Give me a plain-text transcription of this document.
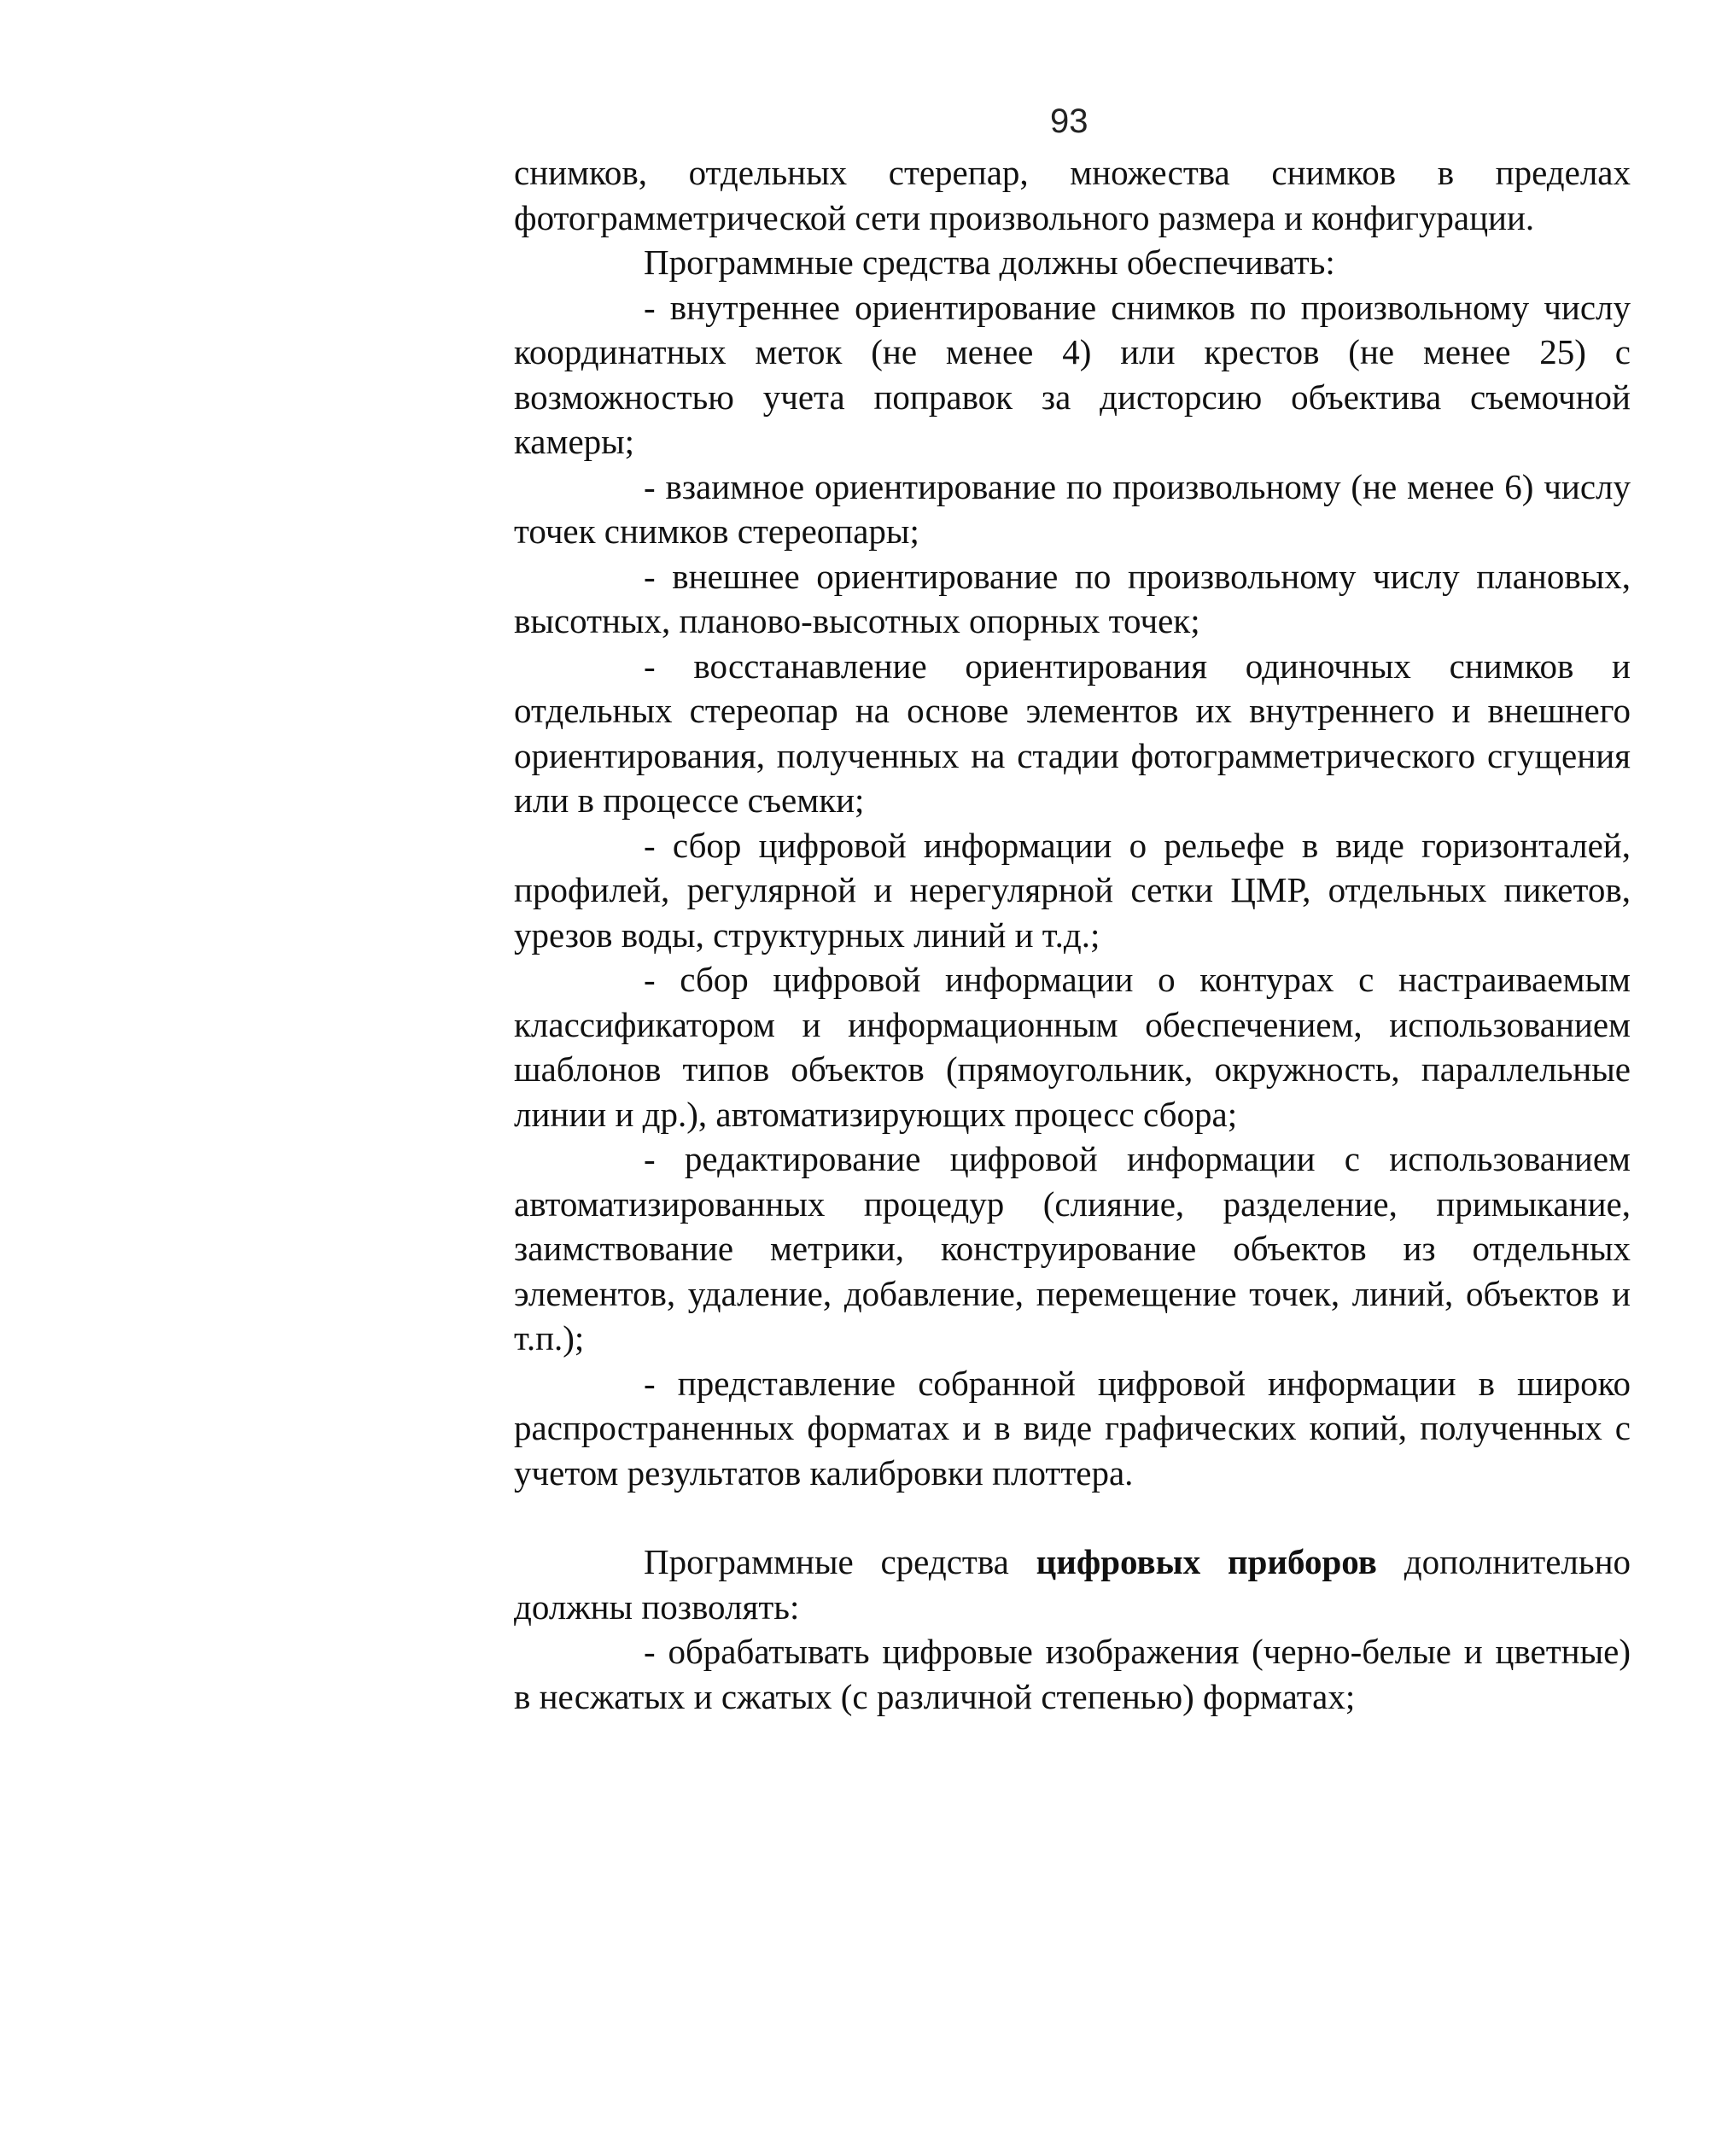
93

снимков, отдельных стерепар, множества снимков в пределах фотограмметрической сети произвольного размера и конфигурации.

Программные средства должны обеспечивать:

- внутреннее ориентирование снимков по произвольному числу координатных меток (не менее 4) или крестов (не менее 25) с возможностью учета поправок за дисторсию объектива съемочной камеры;

- взаимное ориентирование по произвольному (не менее 6) числу точек снимков стереопары;

- внешнее ориентирование по произвольному числу плановых, высотных, планово-высотных опорных точек;

- восстанавление ориентирования одиночных снимков и отдельных стереопар на основе элементов их внутреннего и внешнего ориентирования, полученных на стадии фотограмметрического сгущения или в процессе съемки;

- сбор цифровой информации о рельефе в виде горизонталей, профилей, регулярной и нерегулярной сетки ЦМР, отдельных пикетов, урезов воды, структурных линий и т.д.;

- сбор цифровой информации о контурах с настраиваемым классификатором и информационным обеспечением, использованием шаблонов типов объектов (прямоугольник, окружность, параллельные линии и др.), автоматизирующих процесс сбора;

- редактирование цифровой информации с использованием автоматизированных процедур (слияние, разделение, примыкание, заимствование метрики, конструирование объектов из отдельных элементов, удаление, добавление, перемещение точек, линий, объектов и т.п.);

- представление собранной цифровой информации в широко распространенных форматах и в виде графических копий, полученных с учетом результатов калибровки плоттера.

Программные средства цифровых приборов дополнительно должны позволять:

- обрабатывать цифровые изображения (черно-белые и цветные) в несжатых и сжатых (с различной степенью) форматах;
